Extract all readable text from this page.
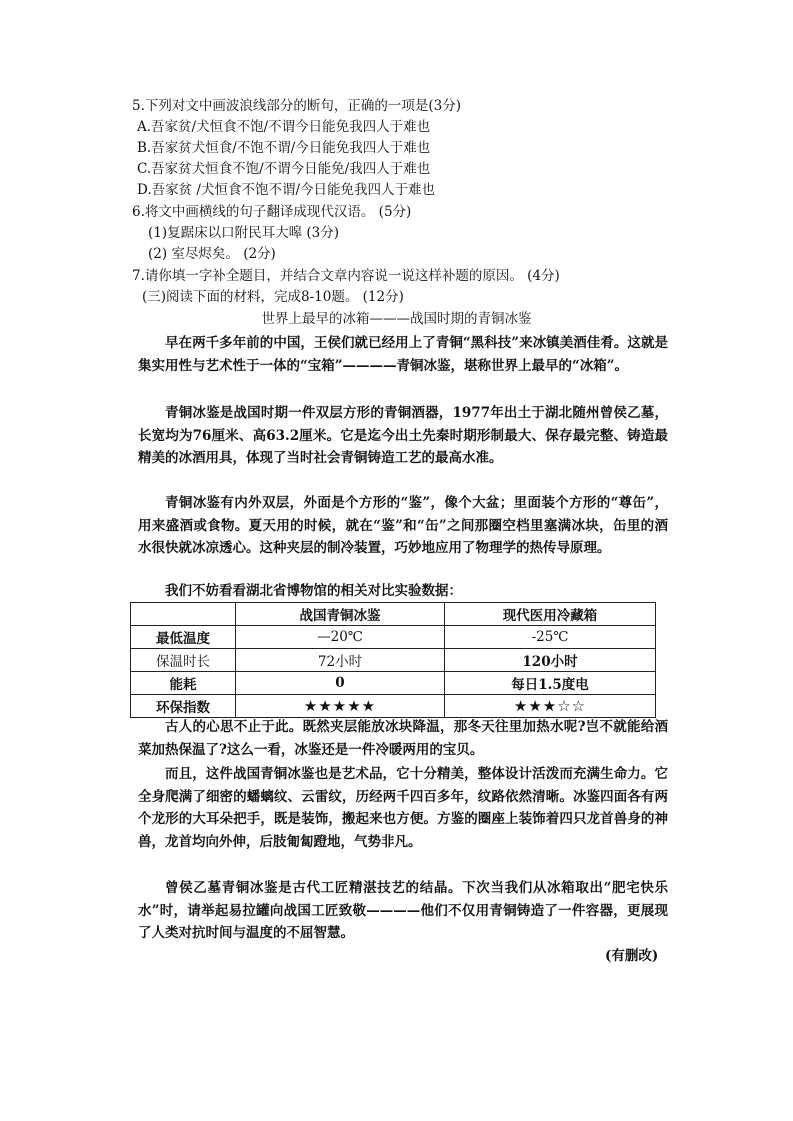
5.下列对文中画波浪线部分的断句，正确的一项是(3分)
A.吾家贫/犬恒食不饱/不谓今日能免我四人于难也
B.吾家贫犬恒食/不饱不谓/今日能免我四人于难也
C.吾家贫犬恒食不饱/不谓今日能免/我四人于难也
D.吾家贫 /犬恒食不饱不谓/今日能免我四人于难也
6.将文中画横线的句子翻译成现代汉语。 (5分)
(1)复踞床以口附民耳大嗥 (3分)
(2) 室尽烬矣。 (2分)
7.请你填一字补全题目，并结合文章内容说一说这样补题的原因。 (4分)
(三)阅读下面的材料，完成8-10题。 (12分)
世界上最早的冰箱———战国时期的青铜冰鉴

早在两千多年前的中国，王侯们就已经用上了青铜“黑科技”来冰镇美酒佳肴。这就是集实用性与艺术性于一体的“宝箱”————青铜冰鉴，堪称世界上最早的“冰箱”。

青铜冰鉴是战国时期一件双层方形的青铜酒器，1977年出土于湖北随州曾侯乙墓，长宽均为76厘米、高63.2厘米。它是迄今出土先秦时期形制最大、保存最完整、铸造最精美的冰酒用具，体现了当时社会青铜铸造工艺的最高水准。

青铜冰鉴有内外双层，外面是个方形的“鉴”，像个大盆；里面装个方形的“尊缶”，用来盛酒或食物。夏天用的时候，就在“鉴”和“缶”之间那圈空档里塞满冰块，缶里的酒水很快就冰凉透心。这种夹层的制冷装置，巧妙地应用了物理学的热传导原理。

我们不妨看看湖北省博物馆的相关对比实验数据：

	战国青铜冰鉴	现代医用冷藏箱
最低温度	—20℃	-25℃
保温时长	72小时	120小时
能耗	0	每日1.5度电
环保指数	★★★★★	★★★☆☆

古人的心思不止于此。既然夹层能放冰块降温，那冬天往里加热水呢?岂不就能给酒菜加热保温了?这么一看，冰鉴还是一件冷暖两用的宝贝。

而且，这件战国青铜冰鉴也是艺术品，它十分精美，整体设计活泼而充满生命力。它全身爬满了细密的蟠螭纹、云雷纹，历经两千四百多年，纹路依然清晰。冰鉴四面各有两个龙形的大耳朵把手，既是装饰，搬起来也方便。方鉴的圈座上装饰着四只龙首兽身的神兽，龙首均向外伸，后肢匍匐蹬地，气势非凡。

曾侯乙墓青铜冰鉴是古代工匠精湛技艺的结晶。下次当我们从冰箱取出“肥宅快乐水”时，请举起易拉罐向战国工匠致敬————他们不仅用青铜铸造了一件容器，更展现了人类对抗时间与温度的不屈智慧。

(有删改)
